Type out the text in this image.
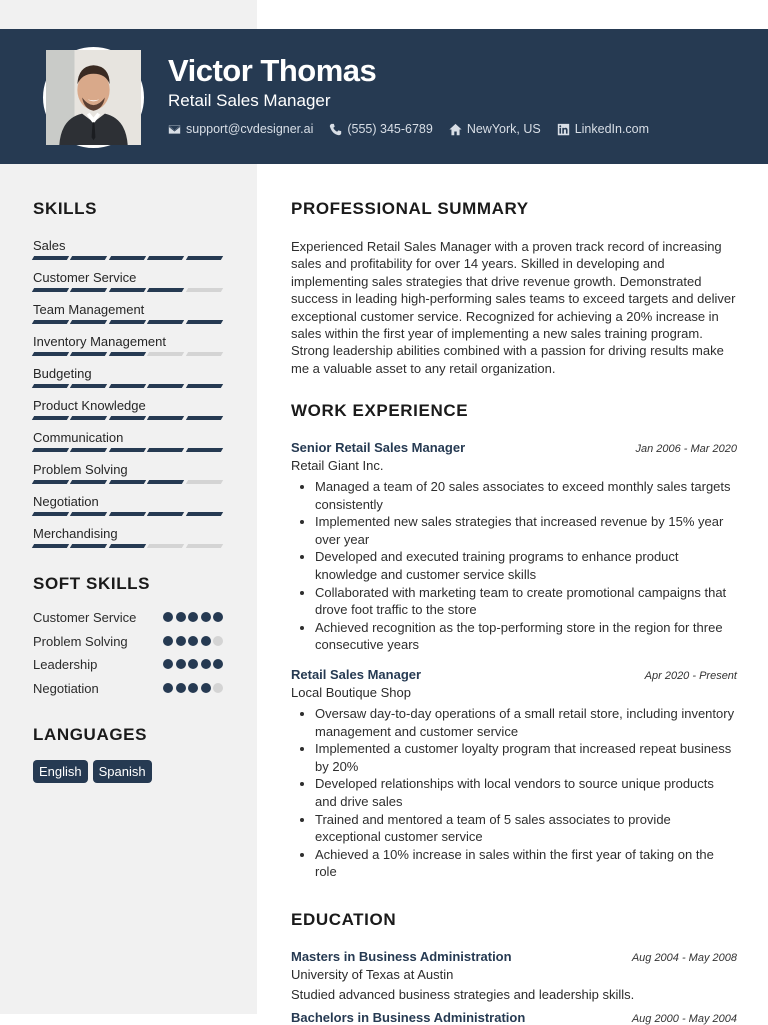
Victor Thomas
Retail Sales Manager
support@cvdesigner.ai	(555) 345-6789	NewYork, US	LinkedIn.com
SKILLS
Sales
Customer Service
Team Management
Inventory Management
Budgeting
Product Knowledge
Communication
Problem Solving
Negotiation
Merchandising
SOFT SKILLS
Customer Service
Problem Solving
Leadership
Negotiation
LANGUAGES
English	Spanish
PROFESSIONAL SUMMARY

Experienced Retail Sales Manager with a proven track record of increasing sales and profitability for over 14 years. Skilled in developing and implementing sales strategies that drive revenue growth. Demonstrated success in leading high-performing sales teams to exceed targets and deliver exceptional customer service. Recognized for achieving a 20% increase in sales within the first year of implementing a new sales training program. Strong leadership abilities combined with a passion for driving results make me a valuable asset to any retail organization.

WORK EXPERIENCE
Senior Retail Sales Manager	Jan 2006 - Mar 2020
Retail Giant Inc.
• Managed a team of 20 sales associates to exceed monthly sales targets consistently
• Implemented new sales strategies that increased revenue by 15% year over year
• Developed and executed training programs to enhance product knowledge and customer service skills
• Collaborated with marketing team to create promotional campaigns that drove foot traffic to the store
• Achieved recognition as the top-performing store in the region for three consecutive years
Retail Sales Manager	Apr 2020 - Present
Local Boutique Shop
• Oversaw day-to-day operations of a small retail store, including inventory management and customer service
• Implemented a customer loyalty program that increased repeat business by 20%
• Developed relationships with local vendors to source unique products and drive sales
• Trained and mentored a team of 5 sales associates to provide exceptional customer service
• Achieved a 10% increase in sales within the first year of taking on the role
EDUCATION
Masters in Business Administration	Aug 2004 - May 2008
University of Texas at Austin
Studied advanced business strategies and leadership skills.
Bachelors in Business Administration	Aug 2000 - May 2004
